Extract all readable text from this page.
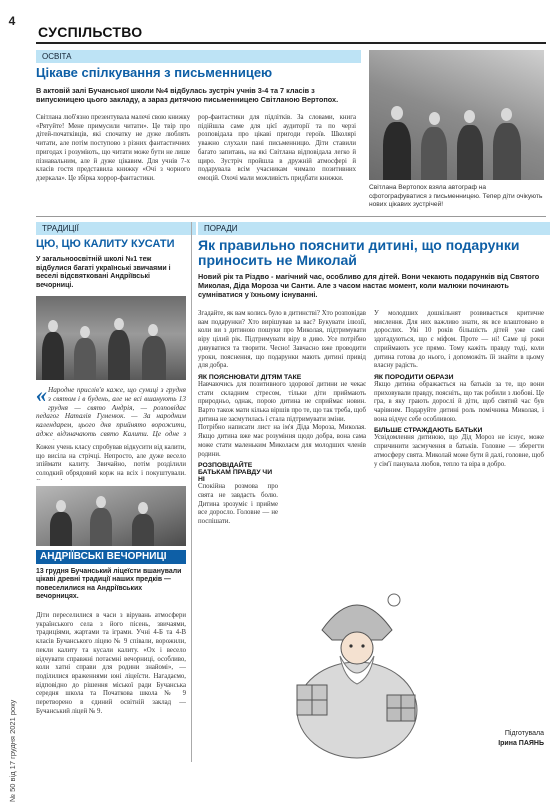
4
№ 50 від 17 грудня 2021 року
СУСПІЛЬСТВО
ОСВІТА
Цікаве спілкування з письменницею
В актовій залі Бучанської школи №4 відбулась зустріч учнів 3-4 та 7 класів з випускницею цього закладу, а зараз дитячою письменницею Світланою Вертопох.

Світлана люб'язно презентувала малечі свою книжку «Рятуйте! Мене примусили читати». Це твір про дітей-початківців, які спочатку не дуже люблять читати, але потім поступово з різних фантастичних пригодах і розуміють, що читати може бути не лише пізнавальним, але й дуже цікавим. Для учнів 7-х класів гостя представила книжку «Очі з чорного дзеркала». Це збірка хоррор-фантастики.

рор-фантастики для підлітків. За словами, книга підійшла саме для цієї аудиторії та по черзі розповідала про цікаві пригоди героїв. Школярі уважно слухали пані письменницю. Діти ставили багато запитань, на які Світлана відповідала легко й щиро. Зустріч пройшла в дружній атмосфері й подарувала всім учасникам чимало позитивних емоцій. Охочі мали можливість придбати книжки.

Світлана Вертопох взяла автограф на сфотографуватися з письменницею. Тепер діти очікують нових цікавих зустрічей!

ТРАДИЦІЇ
ЦЮ, ЦЮ КАЛИТУ КУСАТИ
У загальноосвітній школі №1 теж відбулися багаті українські звичаями і веселі відсвятковані Андріївські вечорниці.
« Народне прислів'я каже, що суниці з грудня з святом і в будень, але не всі вшанують 13 грудня — свято Андрія, — розповідає педагог Наталія Гуменюк. — За народним календарем, цього дня прийнято ворожити, адже відзначають свято Калити. Це одне з

Кожен учень класу спробував відкусити від калити, що висіла на стрічці. Непросто, але дуже весело зпіймати калиту. Звичайно, потім розділили солодкий обрядовий корж на всіх і покуштували.

АНДРІЇВСЬКІ ВЕЧОРНИЦІ
13 грудня Бучанський ліцеїсти вшанували цікаві древні традиції наших предків — повеселилися на Андріївських вечорницях.

Діти переселилися в часи з вірувань атмосфери українського села з його пісень, звичаями, традиціями, жартами та іграми. Учні 4-Б та 4-В класів Бучанського ліцею № 9 співали, ворожили, пекли калиту та кусали калиту. «Ох і весело відчувати справжні потаємні вечорниці, особливо, коли хатні справи для родини знайомі», — поділилися враженнями юні ліцеїсти. Нагадаємо, відповідно до рішення міської ради Бучанська середня школа та Початкова школа № 9 перетворено в єдиний освітній заклад — Бучанський ліцей № 9.

ПОРАДИ
Як правильно пояснити дитині, що подарунки приносить не Миколай
Новий рік та Різдво - магічний час, особливо для дітей. Вони чекають подарунків від Святого Миколая, Діда Мороза чи Санти. Але з часом настає момент, коли малюки починають сумніватися у їхньому існуванні.

Згадайте, як вам колись було в дитинстві? Хто розповідав вам подарунки? Хто вирішував за вас? Букувати ілюзії, коли ви з дитиною пошуки про Миколая, підтримувати віру цілий рік. Підтримувати віру в диво. Усе потрібно дивуватися та творити. Чесно! Завчасно вже проводити уроки, пояснення, що подарунки мають дитині привід для добра.

ЯК ПОЯСНЮВАТИ ДІТЯМ ТАКЕ

Навчаючись для позитивного здорової дитини не чекає стати складним стресом, тільки діти приймають природньо, однак, порою дитина не сприймає новин. Варто також мати кілька віршів про те, що так треба, щоб дитина не засмутилась і стала підтримувати зміни.

Потрібно написати лист на ім'я Діда Мороза, Миколая. Якщо дитина вже має розуміння щодо добра, вона сама може стати маленьким Миколаєм для молодших членів родини.

РОЗПОВІДАЙТЕ БАТЬКАМ ПРАВДУ ЧИ НІ

Спокійна розмова про свята не завдасть болю. Дитина зрозуміє і прийме все доросло. Головне — не поспішати.

У молодших дошкільнят розвивається критичне мислення. Для них важливо знати, як все влаштовано в дорослих. Уві 10 років більшість дітей уже самі здогадуються, що є міфом. Проте — ні! Саме ці роки сприймають усе прямо. Тому кажіть правду тоді, коли дитина готова до нього, і допоможіть їй знайти в цьому власну радість.

ЯК ПОРОДИТИ ОБРАЗИ

Якщо дитина ображається на батьків за те, що вони приховували правду, поясніть, що так робили з любові. Це гра, в яку грають дорослі й діти, щоб святий час був чарівним. Подаруйте дитині роль помічника Миколая, і вона відчує себе особливою.

БІЛЬШЕ СТРАЖДАЮТЬ БАТЬКИ

Усвідомлення дитиною, що Дід Мороз не існує, може спричинити засмучення в батьків. Головне — зберегти атмосферу свята. Миколай може бути й далі, головне, щоб у сім'ї панувала любов, тепло та віра в добро.

Підготувала
Ірина ПАЯНЬ
